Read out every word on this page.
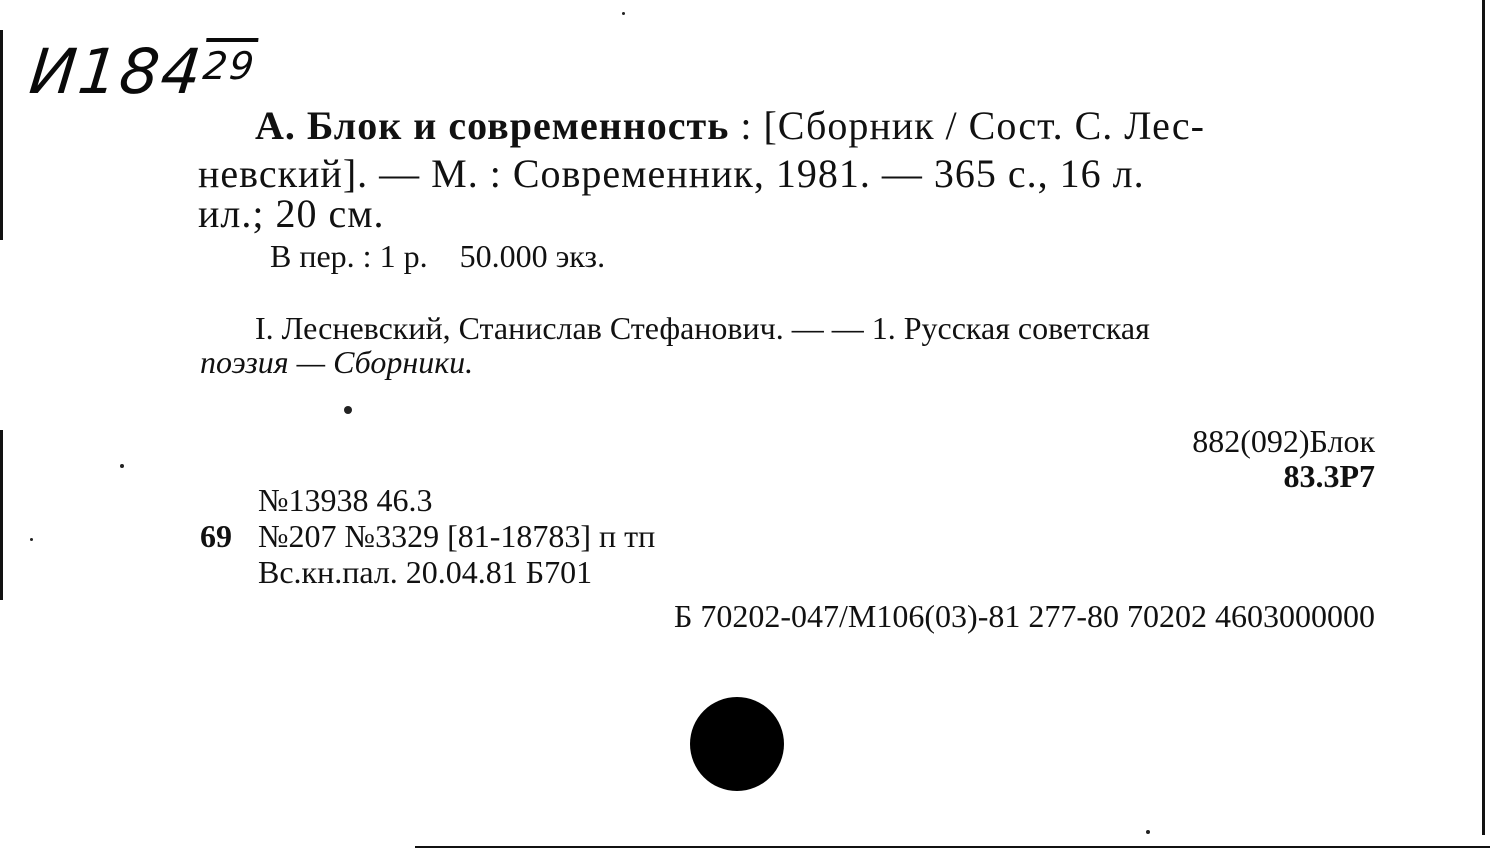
$И184^{29}$
А. Блок и современность : [Сборник / Сост. С. Лес-
невский]. — М. : Современник, 1981. — 365 с., 16 л.
ил.; 20 см.
В пер. : 1 р.    50.000 экз.
I. Лесневский, Станислав Стефанович. — — 1. Русская советская
поэзия — Сборники.
882(092)Блок
83.3Р7
№13938 46.3
69 №207 №3329 [81-18783] п тп
Вс.кн.пал. 20.04.81 Б701
Б 70202-047/М106(03)-81 277-80 70202 4603000000
